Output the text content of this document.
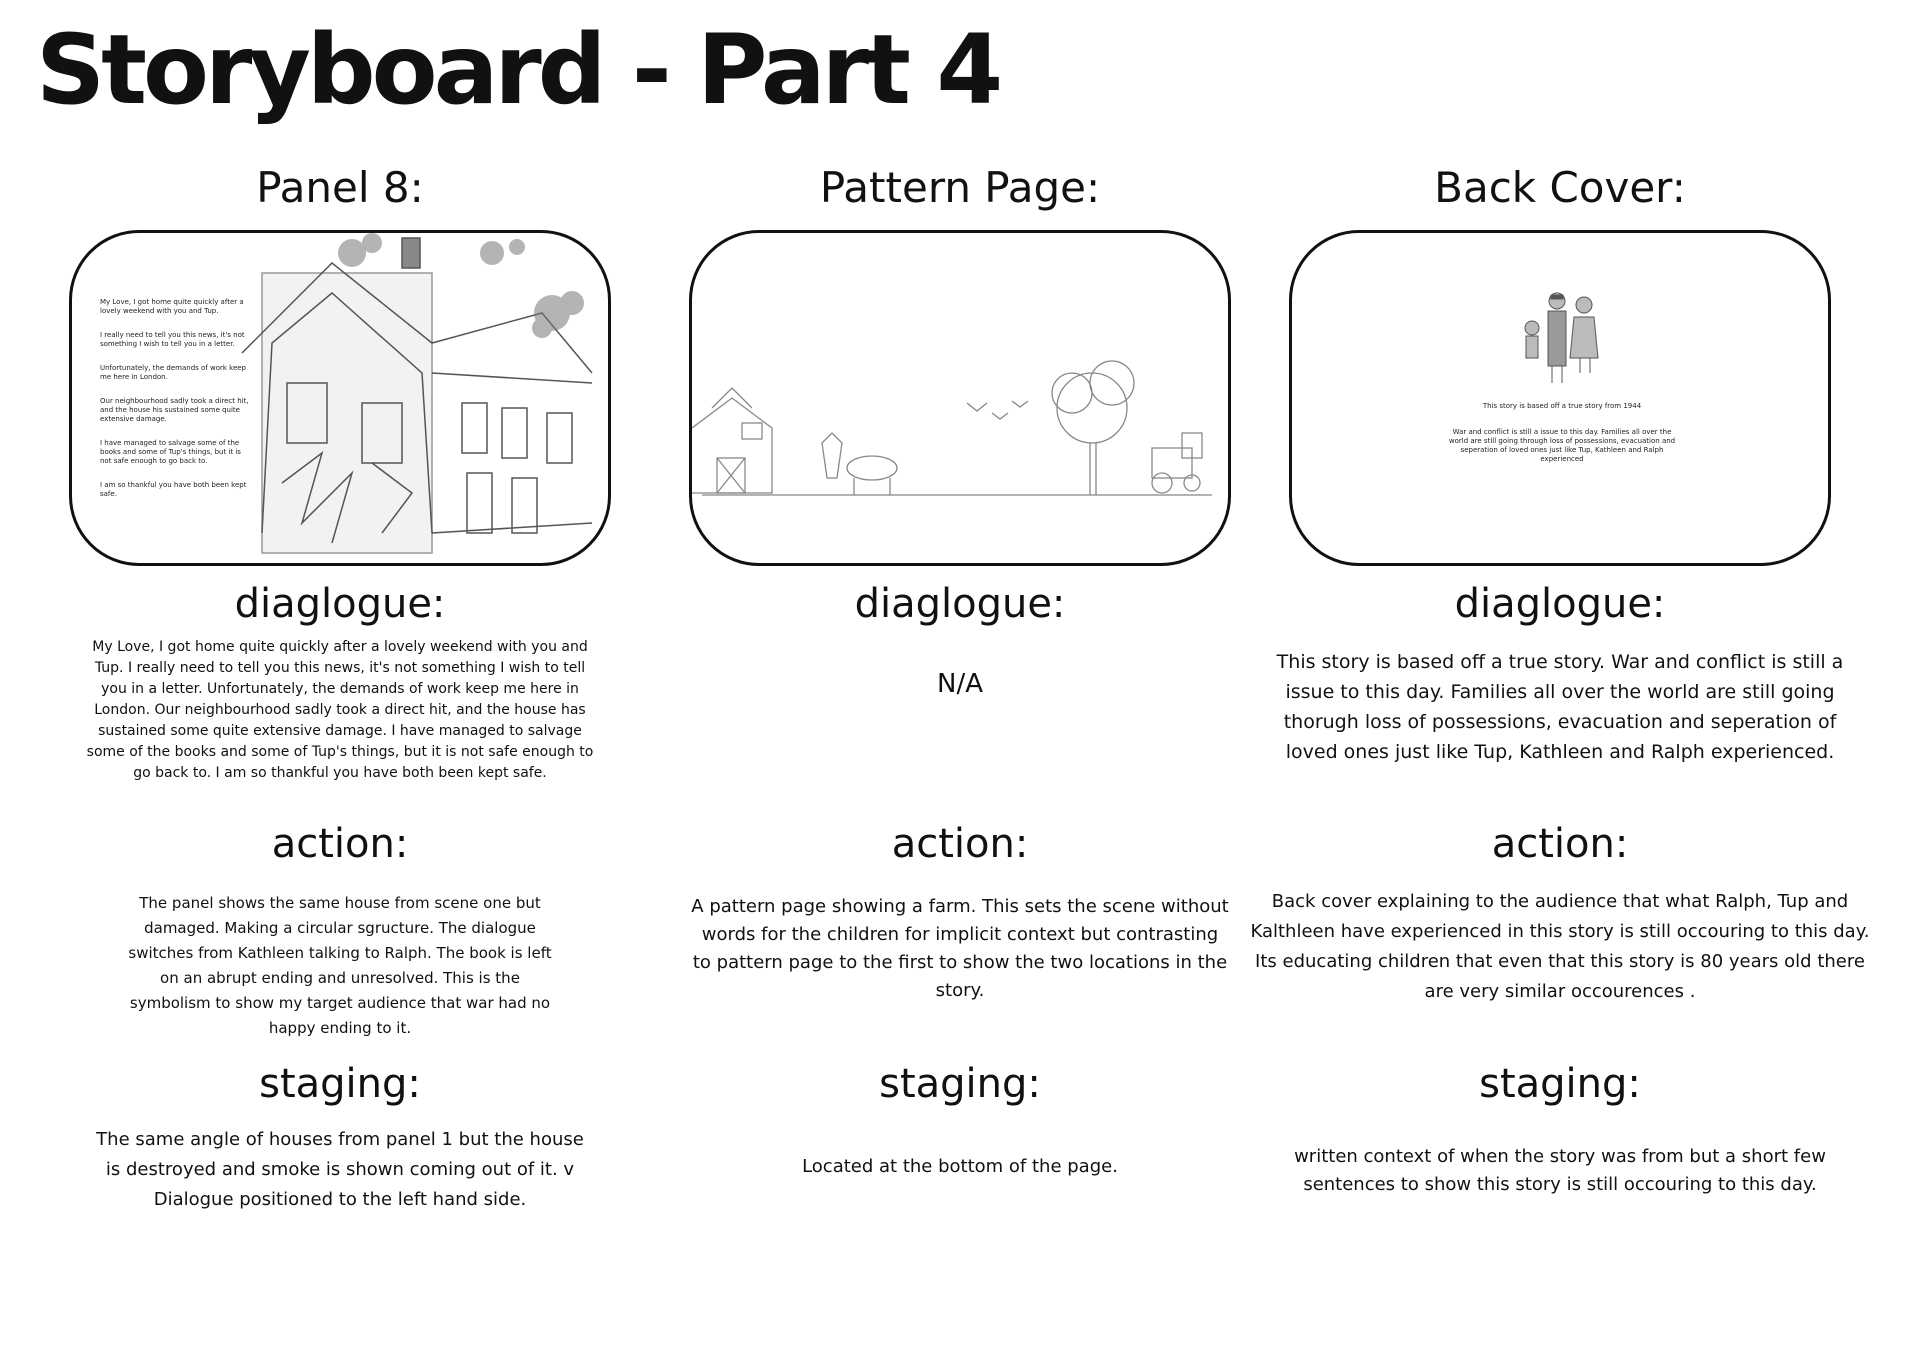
Storyboard - Part 4
Panel 8:

My Love, I got home quite quickly after a lovely weekend with you and Tup.

I really need to tell you this news, it's not something I wish to tell you in a letter.

Unfortunately, the demands of work keep me here in London.

Our neighbourhood sadly took a direct hit, and the house his sustained some quite extensive damage.

I have managed to salvage some of the books and some of Tup's things, but it is not safe enough to go back to.

I am so thankful you have both been kept safe.

diaglogue:
My Love, I got home quite quickly after a lovely weekend with you and Tup. I really need to tell you this news, it's not something I wish to tell you in a letter. Unfortunately, the demands of work keep me here in London. Our neighbourhood sadly took a direct hit, and the house has sustained some quite extensive damage. I have managed to salvage some of the books and some of Tup's things, but it is not safe enough to go back to. I am so thankful you have both been kept safe.
action:
The panel shows the same house from scene one but damaged. Making a circular sgructure. The dialogue switches from Kathleen talking to Ralph. The book is left on an abrupt ending and unresolved. This is the symbolism to show my target audience that war had no happy ending to it.
staging:
The same angle of houses from panel 1 but the house is destroyed and smoke is shown coming out of it. v Dialogue positioned to the left hand side.
Pattern Page:
diaglogue:
N/A
action:
A pattern page showing a farm. This sets the scene without words for the children for implicit context but contrasting to pattern page to the first to show the two locations in the story.
staging:
Located at the bottom of the page.
Back Cover:

This story is based off a true story from 1944

War and conflict is still a issue to this day. Families all over the world are still going through loss of possessions, evacuation and seperation of loved ones just like Tup, Kathleen and Ralph experienced

diaglogue:
This story is based off a true story. War and conflict is still a issue to this day. Families all over the world are still going thorugh loss of possessions, evacuation and seperation of loved ones just like Tup, Kathleen and Ralph experienced.
action:
Back cover explaining to the audience that what Ralph, Tup and Kalthleen have experienced in this story is still occouring to this day. Its educating children that even that this story is 80 years old there are very similar occourences .
staging:
written context of when the story was from but a short few sentences to show this story is still occouring to this day.
